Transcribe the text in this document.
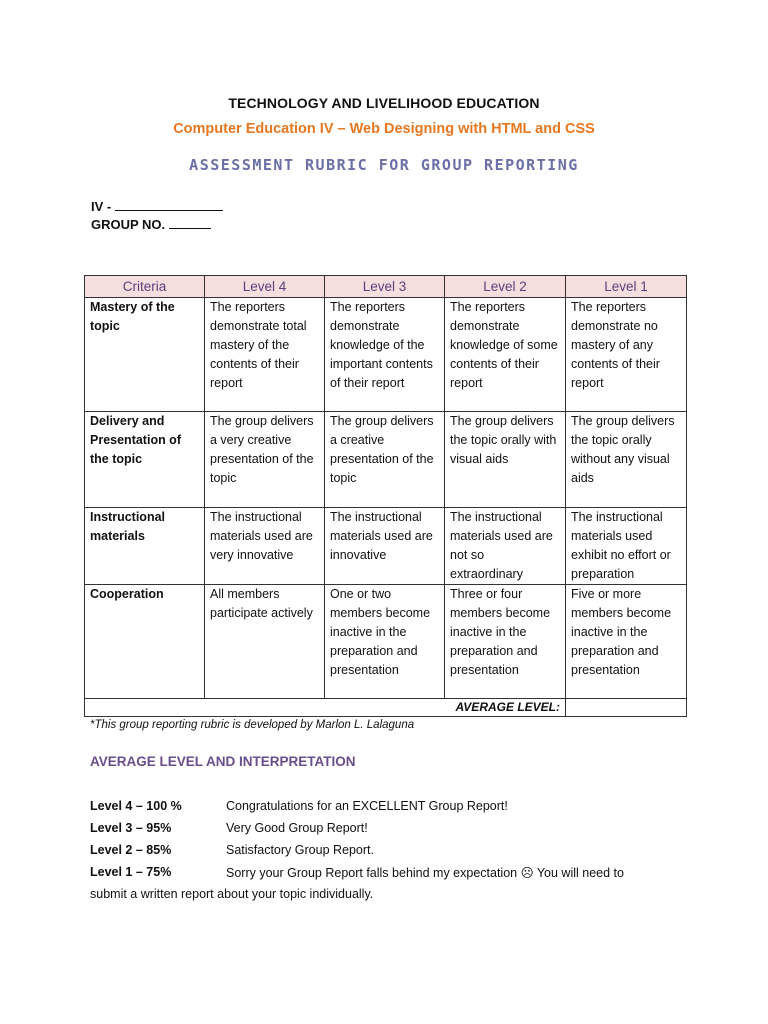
TECHNOLOGY AND LIVELIHOOD EDUCATION
Computer Education IV – Web Designing with HTML and CSS
ASSESSMENT RUBRIC FOR GROUP REPORTING
IV -
GROUP NO.
Criteria	Level 4	Level 3	Level 2	Level 1
Mastery of the topic	The reporters demonstrate total mastery of the contents of their report	The reporters demonstrate knowledge of the important contents of their report	The reporters demonstrate knowledge of some contents of their report	The reporters demonstrate no mastery of any contents of their report
Delivery and Presentation of the topic	The group delivers a very creative presentation of the topic	The group delivers a creative presentation of the topic	The group delivers the topic orally with visual aids	The group delivers the topic orally without any visual aids
Instructional materials	The instructional materials used are very innovative	The instructional materials used are innovative	The instructional materials used are not so extraordinary	The instructional materials used exhibit no effort or preparation
Cooperation	All members participate actively	One or two members become inactive in the preparation and presentation	Three or four members become inactive in the preparation and presentation	Five or more members become inactive in the preparation and presentation
AVERAGE LEVEL:				
*This group reporting rubric is developed by Marlon L. Lalaguna
AVERAGE LEVEL AND INTERPRETATION
Level 4 – 100 %	Congratulations for an EXCELLENT Group Report!
Level 3 – 95%	Very Good Group Report!
Level 2 – 85%	Satisfactory Group Report.
Level 1 – 75%	Sorry your Group Report falls behind my expectation ☹ You will need to
submit a written report about your topic individually.
